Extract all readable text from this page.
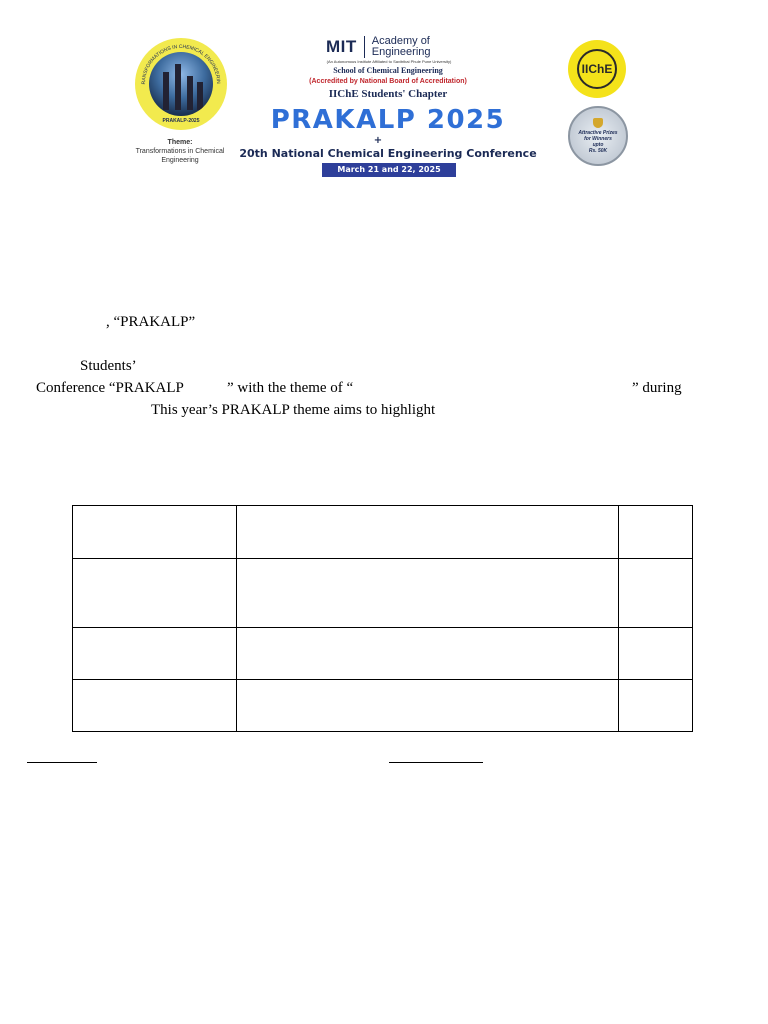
RANSFORMATIONS IN CHEMICAL ENGINEERIN
PRAKALP-2025
Theme:
Transformations in Chemical Engineering
MIT Academy of
Engineering
(An Autonomous Institute Affiliated to Savitribai Phule Pune University)
School of Chemical Engineering
(Accredited by National Board of Accreditation)
IIChE Students' Chapter
PRAKALP 2025
+
20th National Chemical Engineering Conference
March 21 and 22, 2025
IIChE
Attractive Prizes
for Winners
upto
Rs. 50K
, “PRAKALP”
Students’
Conference “PRAKALP	” with the theme of “	” during
This year’s PRAKALP theme aims to highlight
